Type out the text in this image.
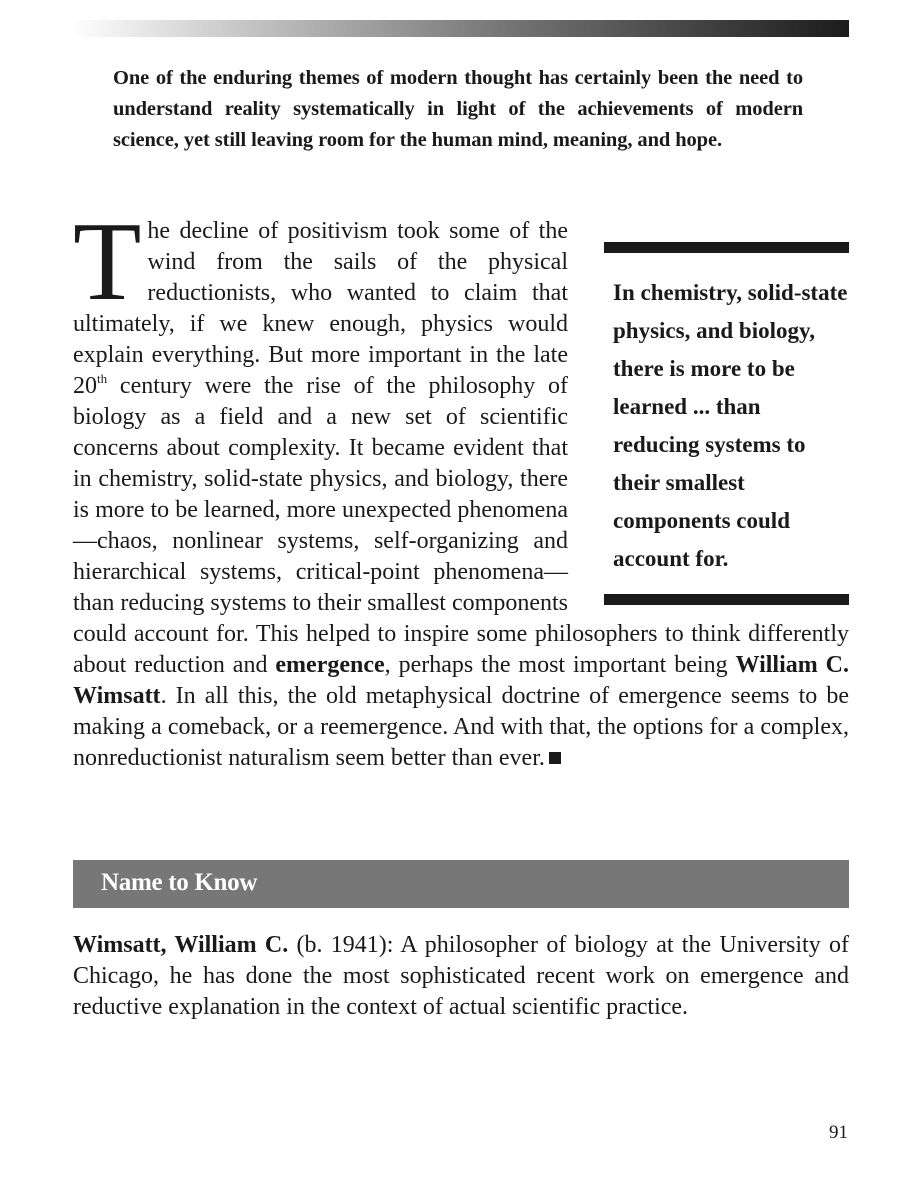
One of the enduring themes of modern thought has certainly been the need to understand reality systematically in light of the achievements of modern science, yet still leaving room for the human mind, meaning, and hope.

T	In chemistry, solid-state physics, and biology, there is more to be learned ... than reducing systems to their smallest components could account for.
he decline of positivism took some of the wind from the sails of the physical reductionists, who wanted to claim that ultimately, if we knew enough, physics would explain everything. But more important in the late 20th century were the rise of the philosophy of biology as a field and a new set of scientific concerns about complexity. It became evident that in chemistry, solid-state physics, and biology, there is more to be learned, more unexpected phenomena—chaos, nonlinear systems, self-organizing and hierarchical systems, critical-point phenomena—than reducing systems to their smallest components could account for. This helped to inspire some philosophers to think differently about reduction and emergence, perhaps the most important being William C. Wimsatt. In all this, the old metaphysical doctrine of emergence seems to be making a comeback, or a reemergence. And with that, the options for a complex, nonreductionist naturalism seem better than ever.
Name to Know

Wimsatt, William C. (b. 1941): A philosopher of biology at the University of Chicago, he has done the most sophisticated recent work on emergence and reductive explanation in the context of actual scientific practice.

91
